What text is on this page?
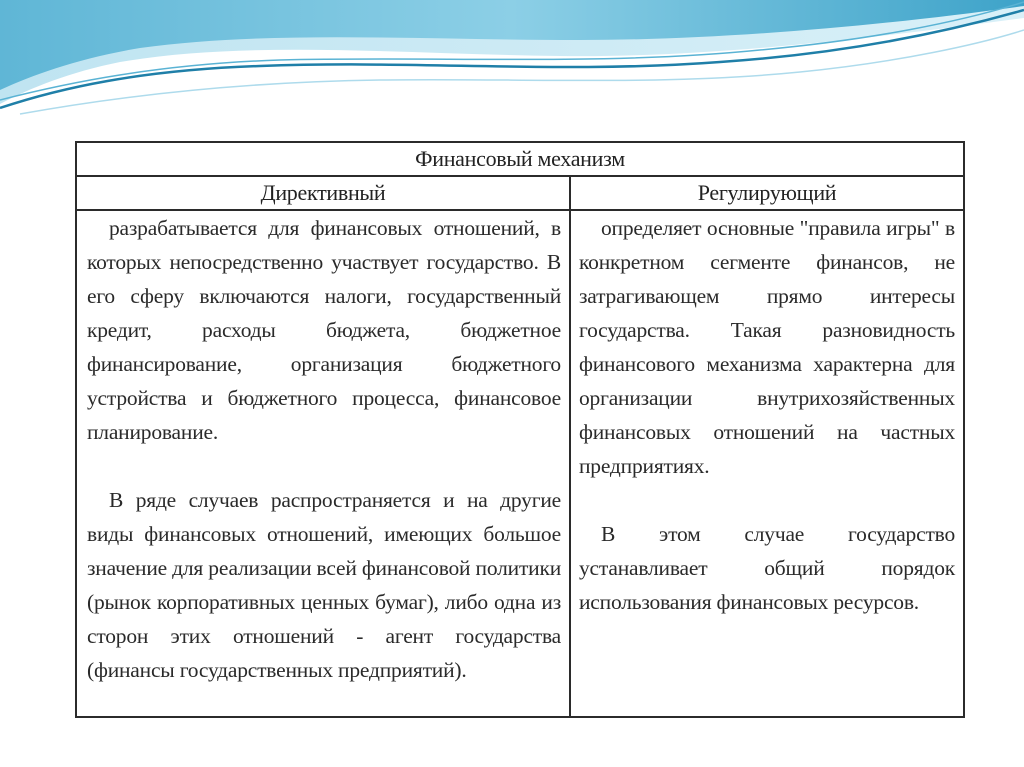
Финансовый механизм
Директивный	Регулирующий

разрабатывается для финансовых отношений, в которых непосредственно участвует государство. В его сферу включаются налоги, государственный кредит, расходы бюджета, бюджетное финансирование, организация бюджетного устройства и бюджетного процесса, финансовое планирование.

В ряде случаев распространяется и на другие виды финансовых отношений, имеющих большое значение для реализации всей финансовой политики (рынок корпоративных ценных бумаг), либо одна из сторон этих отношений - агент государства (финансы государственных предприятий).

определяет основные "правила игры" в конкретном сегменте финансов, не затрагивающем прямо интересы государства. Такая разновидность финансового механизма характерна для организации внутрихозяйственных финансовых отношений на частных предприятиях.

В этом случае государство устанавливает общий порядок использования финансовых ресурсов.
